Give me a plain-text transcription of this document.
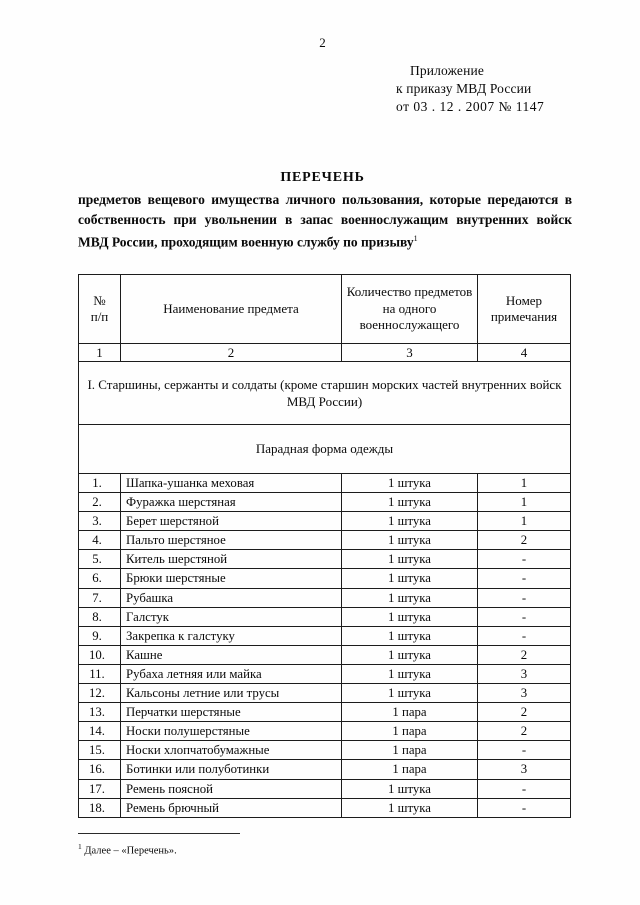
2
Приложение
к приказу МВД России
от 03 . 12 . 2007 № 1147
ПЕРЕЧЕНЬ
предметов вещевого имущества личного пользования, которые передаются в собственность при увольнении в запас военнослужащим внутренних войск МВД России, проходящим военную службу по призыву$^1$
№
п/п	Наименование предмета	Количество предметов на одного военнослужащего	Номер примечания
1	2	3	4
I. Старшины, сержанты и солдаты (кроме старшин морских частей внутренних войск МВД России)			
Парадная форма одежды			
1.	Шапка-ушанка меховая	1 штука	1
2.	Фуражка шерстяная	1 штука	1
3.	Берет шерстяной	1 штука	1
4.	Пальто шерстяное	1 штука	2
5.	Китель шерстяной	1 штука	-
6.	Брюки шерстяные	1 штука	-
7.	Рубашка	1 штука	-
8.	Галстук	1 штука	-
9.	Закрепка к галстуку	1 штука	-
10.	Кашне	1 штука	2
11.	Рубаха летняя или майка	1 штука	3
12.	Кальсоны летние или трусы	1 штука	3
13.	Перчатки шерстяные	1 пара	2
14.	Носки полушерстяные	1 пара	2
15.	Носки хлопчатобумажные	1 пара	-
16.	Ботинки или полуботинки	1 пара	3
17.	Ремень поясной	1 штука	-
18.	Ремень брючный	1 штука	-
$^1$ Далее – «Перечень».
